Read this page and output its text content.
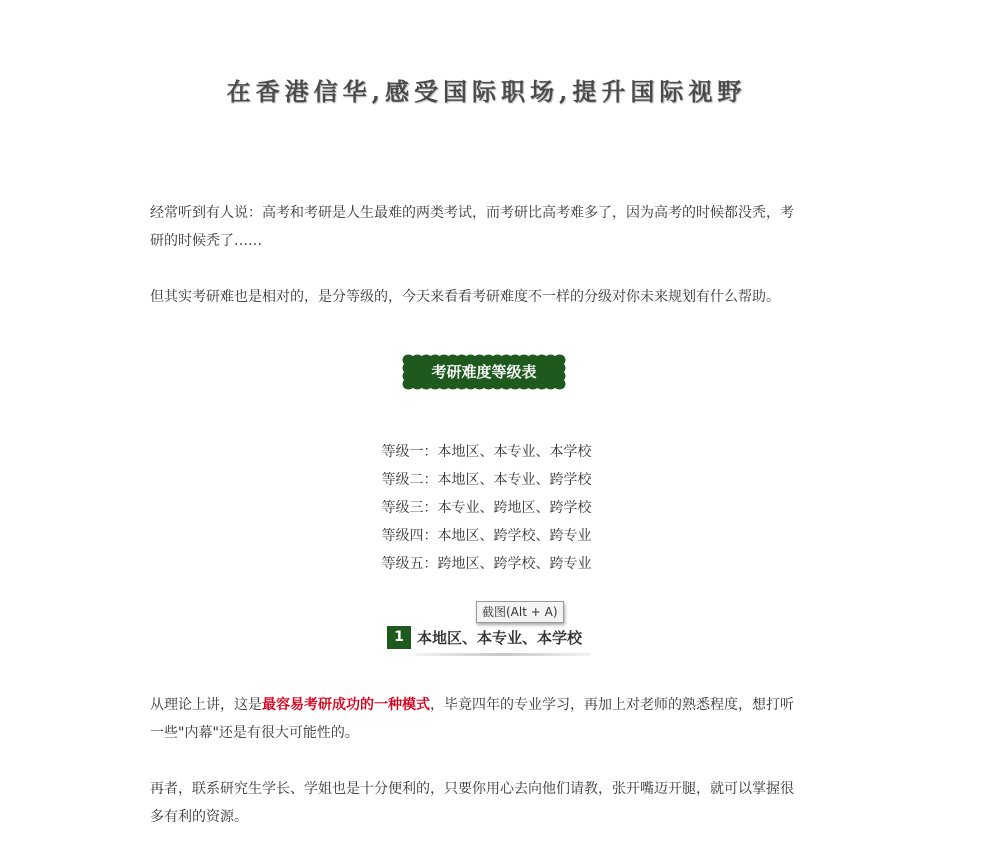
在香港信华,感受国际职场,提升国际视野
经常听到有人说：高考和考研是人生最难的两类考试，而考研比高考难多了，因为高考的时候都没秃，考
研的时候秃了……
但其实考研难也是相对的，是分等级的，今天来看看考研难度不一样的分级对你未来规划有什么帮助。
考研难度等级表
等级一：本地区、本专业、本学校
等级二：本地区、本专业、跨学校
等级三：本专业、跨地区、跨学校
等级四：本地区、跨学校、跨专业
等级五：跨地区、跨学校、跨专业
截图(Alt + A)
1 本地区、本专业、本学校
从理论上讲，这是最容易考研成功的一种模式，毕竟四年的专业学习，再加上对老师的熟悉程度，想打听
一些"内幕"还是有很大可能性的。
再者，联系研究生学长、学姐也是十分便利的，只要你用心去向他们请教，张开嘴迈开腿，就可以掌握很
多有利的资源。
